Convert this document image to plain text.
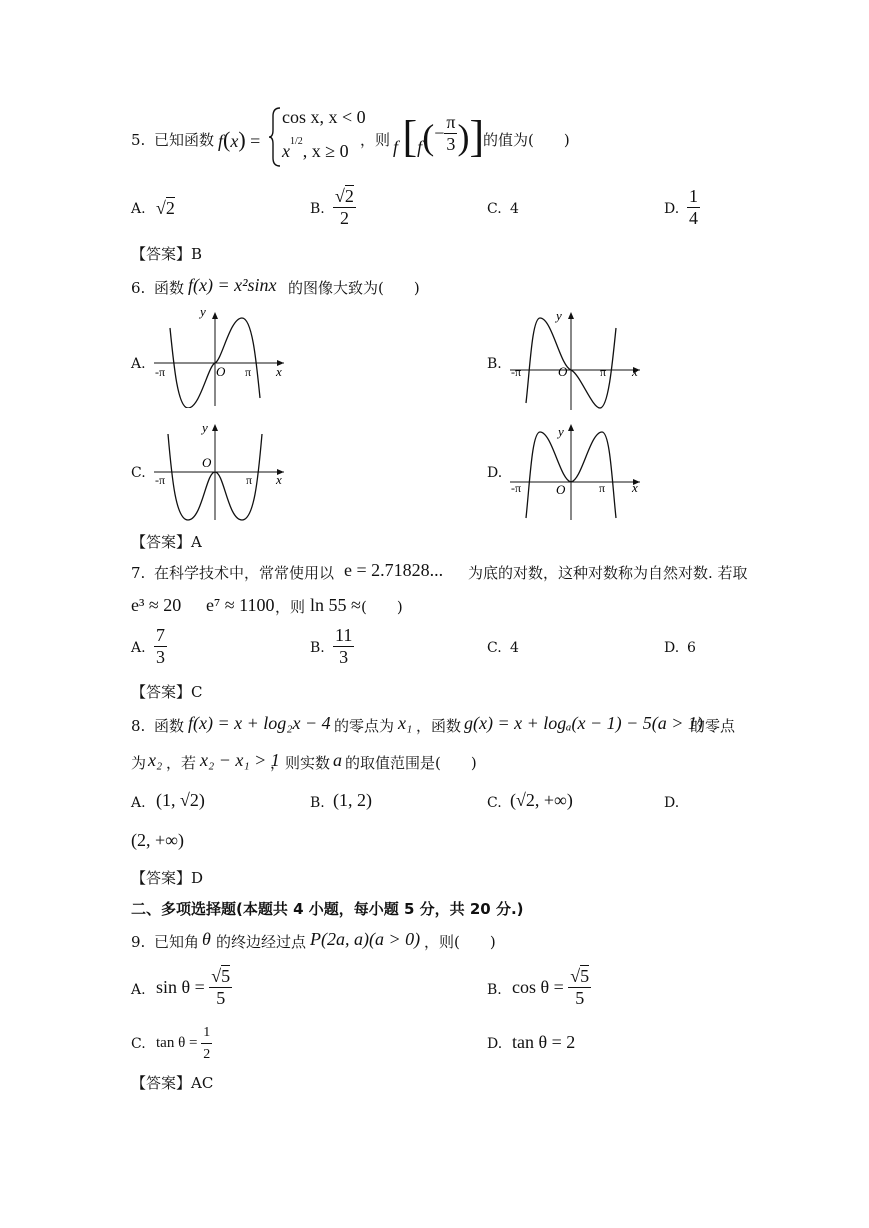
5. 已知函数 f(x) =
cos x, x < 0
$x^{1/2}$, x ≥ 0
，则 f [$f(- \frac{\pi}{3}$ )]
的值为(　　)
A. √2	B. $\frac{√2}{2}$	C. 4	D. $\frac{1}{4}$
【答案】B
6. 函数 f(x) = x²sinx 的图像大致为(　　)
A.	B.
C.	D.
y
x
O
-π	π
y
x
O
-π	π
y
x
O
-π	π
y
x
O
-π	π
【答案】A
7. 在科学技术中，常常使用以 e = 2.71828... 为底的对数，这种对数称为自然对数. 若取
e³ ≈ 20 e⁷ ≈ 1100 ，则 ln 55 ≈ (　　)
A. $\frac{7}{3}$	B. $\frac{11}{3}$	C. 4	D. 6
【答案】C
8. 函数 f(x) = x + log₂x − 4 的零点为 x₁ ，函数 g(x) = x + logₐ(x − 1) − 5(a > 1)
的零点
为 x₂ ，若 x₂ − x₁ > 1
，则实数 a 的取值范围是(　　)
A. (1, √2)	B. (1, 2)	C. (√2, +∞)	D.
(2, +∞)
【答案】D
二、多项选择题(本题共 4 小题，每小题 5 分，共 20 分.)
9. 已知角 θ 的终边经过点 P(2a, a)(a > 0) ，则(　　)
A. $\sin \theta = \frac{√5}{5}$	B. $\cos \theta = \frac{√5}{5}$
C. $\tan \theta = \frac{1}{2}$	D. tan θ = 2
【答案】AC
